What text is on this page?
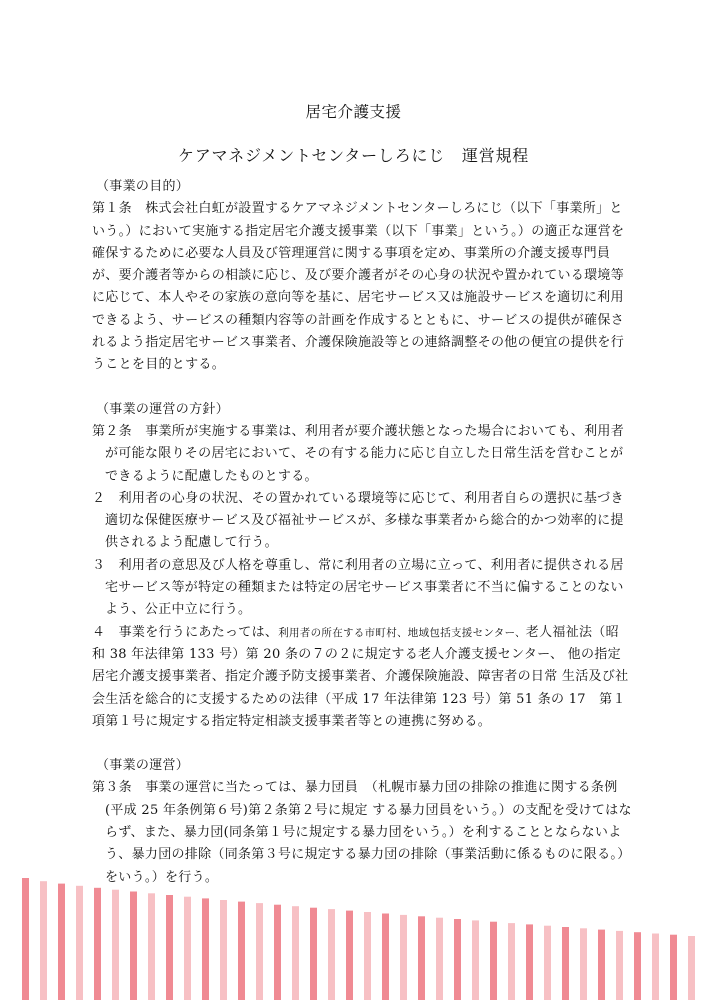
居宅介護支援
ケアマネジメントセンターしろにじ　運営規程
（事業の目的）

第１条　株式会社白虹が設置するケアマネジメントセンターしろにじ（以下「事業所」という。）において実施する指定居宅介護支援事業（以下「事業」という。）の適正な運営を確保するために必要な人員及び管理運営に関する事項を定め、事業所の介護支援専門員が、要介護者等からの相談に応じ、及び要介護者がその心身の状況や置かれている環境等に応じて、本人やその家族の意向等を基に、居宅サービス又は施設サービスを適切に利用できるよう、サービスの種類内容等の計画を作成するとともに、サービスの提供が確保されるよう指定居宅サービス事業者、介護保険施設等との連絡調整その他の便宜の提供を行うことを目的とする。

（事業の運営の方針）

第２条　事業所が実施する事業は、利用者が要介護状態となった場合においても、利用者が可能な限りその居宅において、その有する能力に応じ自立した日常生活を営むことができるように配慮したものとする。

２　利用者の心身の状況、その置かれている環境等に応じて、利用者自らの選択に基づき適切な保健医療サービス及び福祉サービスが、多様な事業者から総合的かつ効率的に提供されるよう配慮して行う。

３　利用者の意思及び人格を尊重し、常に利用者の立場に立って、利用者に提供される居宅サービス等が特定の種類または特定の居宅サービス事業者に不当に偏することのないよう、公正中立に行う。

４　事業を行うにあたっては、利用者の所在する市町村、地域包括支援センター、老人福祉法（昭和 38 年法律第 133 号）第 20 条の７の２に規定する老人介護支援センター、 他の指定居宅介護支援事業者、指定介護予防支援事業者、介護保険施設、障害者の日常 生活及び社会生活を総合的に支援するための法律（平成 17 年法律第 123 号）第 51 条の 17　第１項第１号に規定する指定特定相談支援事業者等との連携に努める。

（事業の運営）

第３条　事業の運営に当たっては、暴力団員　（札幌市暴力団の排除の推進に関する条例(平成 25 年条例第６号)第２条第２号に規定 する暴力団員をいう。）の支配を受けてはならず、また、暴力団(同条第１号に規定する暴力団をいう。）を利することとならないよう、暴力団の排除（同条第３号に規定する暴力団の排除（事業活動に係るものに限る。）をいう。）を行う。
